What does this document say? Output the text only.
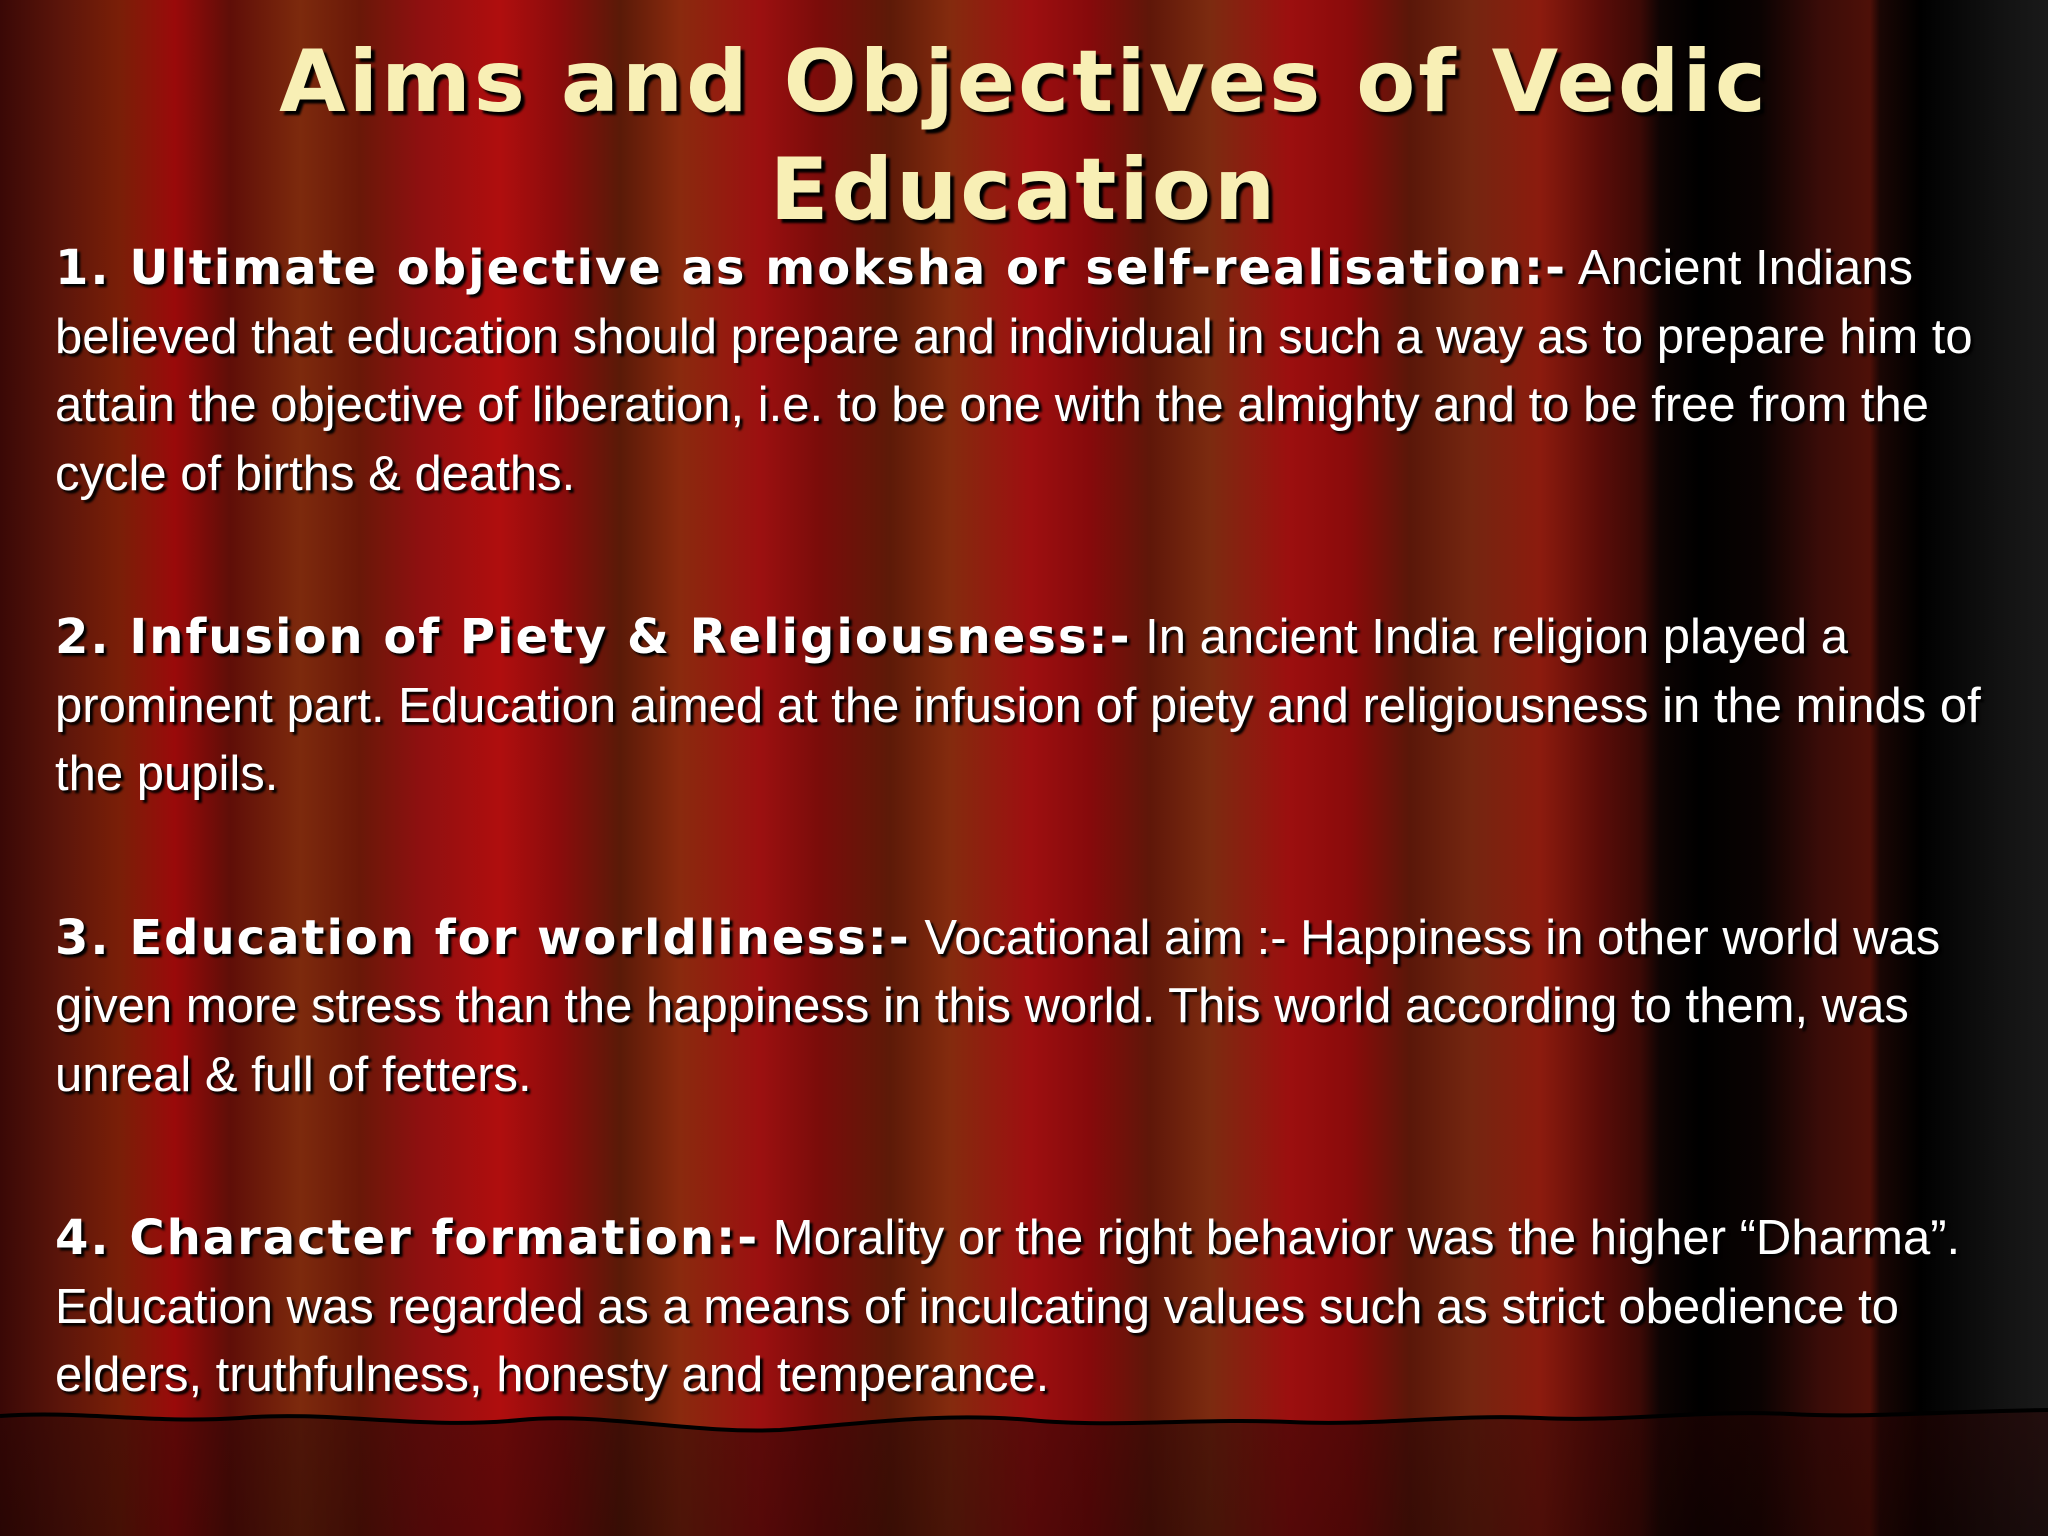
Aims and Objectives of Vedic
Education

1. Ultimate objective as moksha or self-realisation:- Ancient Indians believed that education should prepare and individual in such a way as to prepare him to attain the objective of liberation, i.e. to be one with the almighty and to be free from the cycle of births & deaths.

2. Infusion of Piety & Religiousness:- In ancient India religion played a prominent part. Education aimed at the infusion of piety and religiousness in the minds of the pupils.

3. Education for worldliness:- Vocational aim :- Happiness in other world was given more stress than the happiness in this world. This world according to them, was unreal & full of fetters.

4. Character formation:- Morality or the right behavior was the higher “Dharma”. Education was regarded as a means of inculcating values such as strict obedience to elders, truthfulness, honesty and temperance.
